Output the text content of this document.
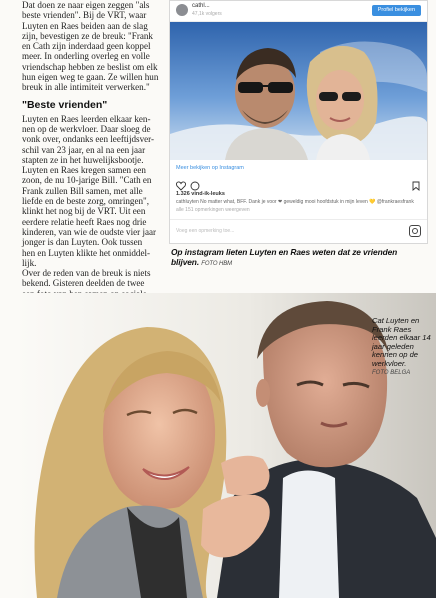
Dat doen ze naar eigen zeggen "als

beste vrienden". Bij de VRT, waar

Luyten en Raes beiden aan de slag

zijn, bevestigen ze de breuk: "Frank

en Cath zijn inderdaad geen koppel

meer. In onderling overleg en volle

vriendschap hebben ze beslist om elk

hun eigen weg te gaan. Ze willen hun

breuk in alle intimiteit verwerken."

"Beste vrienden"

Luyten en Raes leerden elkaar ken-

nen op de werkvloer. Daar sloeg de

vonk over, ondanks een leeftijdsver-

schil van 23 jaar, en al na een jaar

stapten ze in het huwelijksbootje.

Luyten en Raes kregen samen een

zoon, de nu 10-jarige Bill. "Cath en

Frank zullen Bill samen, met alle

liefde en de beste zorg, omringen",

klinkt het nog bij de VRT. Uit een

eerdere relatie heeft Raes nog drie

kinderen, van wie de oudste vier jaar

jonger is dan Luyten. Ook tussen

hen en Luyten klikte het onmiddel-

lijk.

Over de reden van de breuk is niets

bekend. Gisteren deelden de twee

cathl...
47,1k volgers
Profiel bekijken
Meer bekijken op Instagram
1.326 vind-ik-leuks
cathluyten No matter what, BFF. Dank je voor ❤ geweldig mooi hoofdstuk in mijn leven 💛 @frankraesfrank
alle 151 opmerkingen weergeven
Voeg een opmerking toe...
Op instagram lieten Luyten en Raes weten dat ze vrienden blijven. FOTO HBM
Cat Luyten en Frank Raes leerden elkaar 14 jaar geleden kennen op de werkvloer.
FOTO BELGA
